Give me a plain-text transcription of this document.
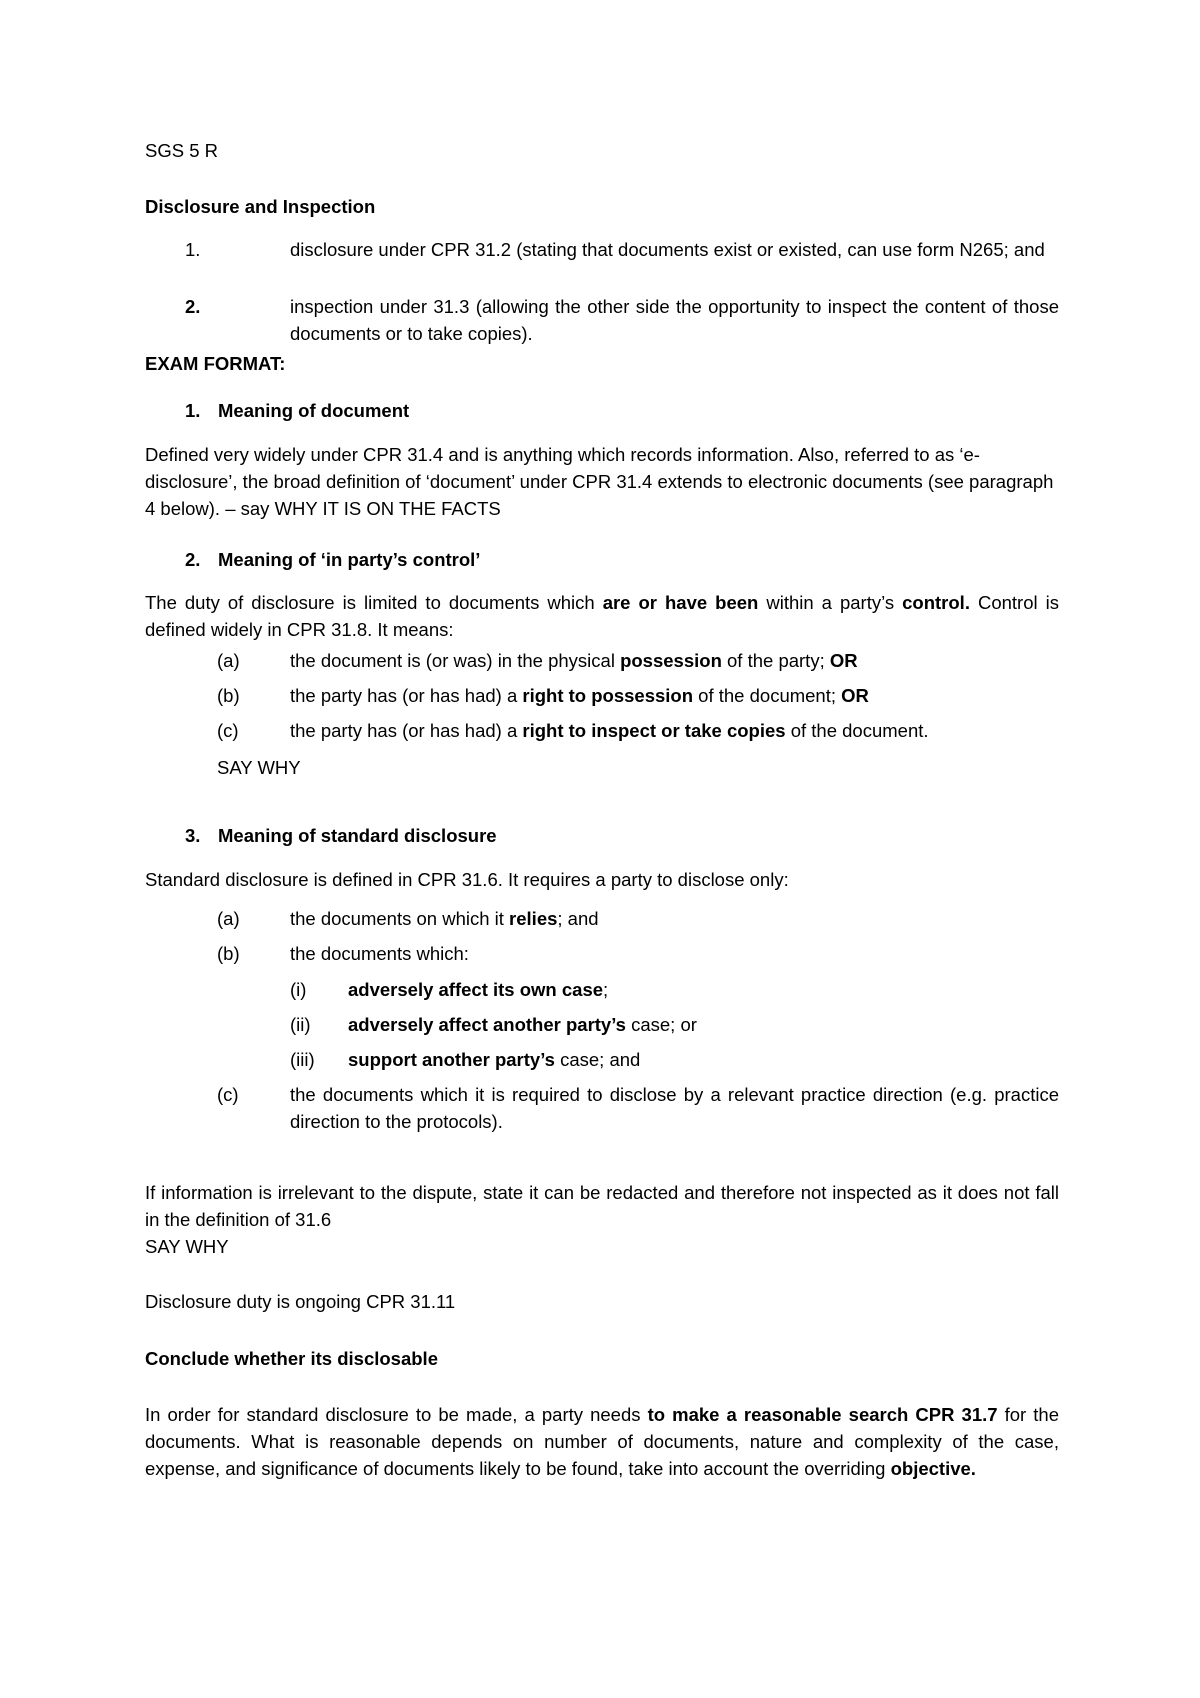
SGS 5 R

Disclosure and Inspection

1.	disclosure under CPR 31.2 (stating that documents exist or existed, can use form N265; and
2.	inspection under 31.3 (allowing the other side the opportunity to inspect the content of those documents or to take copies).

EXAM FORMAT:

1. Meaning of document

Defined very widely under CPR 31.4 and is anything which records information. Also, referred to as ‘e-disclosure’, the broad definition of ‘document’ under CPR 31.4 extends to electronic documents (see paragraph 4 below). – say WHY IT IS ON THE FACTS

2. Meaning of ‘in party’s control’

The duty of disclosure is limited to documents which are or have been within a party’s control. Control is defined widely in CPR 31.8. It means:

(a)	the document is (or was) in the physical possession of the party; OR
(b)	the party has (or has had) a right to possession of the document; OR
(c)	the party has (or has had) a right to inspect or take copies of the document.

SAY WHY

3. Meaning of standard disclosure

Standard disclosure is defined in CPR 31.6. It requires a party to disclose only:

(a)	the documents on which it relies; and
(b)	the documents which:
(i) adversely affect its own case;
(ii) adversely affect another party’s case; or
(iii) support another party’s case; and
(c)	the documents which it is required to disclose by a relevant practice direction (e.g. practice direction to the protocols).

If information is irrelevant to the dispute, state it can be redacted and therefore not inspected as it does not fall in the definition of 31.6

SAY WHY

Disclosure duty is ongoing CPR 31.11

Conclude whether its disclosable

In order for standard disclosure to be made, a party needs to make a reasonable search CPR 31.7 for the documents. What is reasonable depends on number of documents, nature and complexity of the case, expense, and significance of documents likely to be found, take into account the overriding objective.
